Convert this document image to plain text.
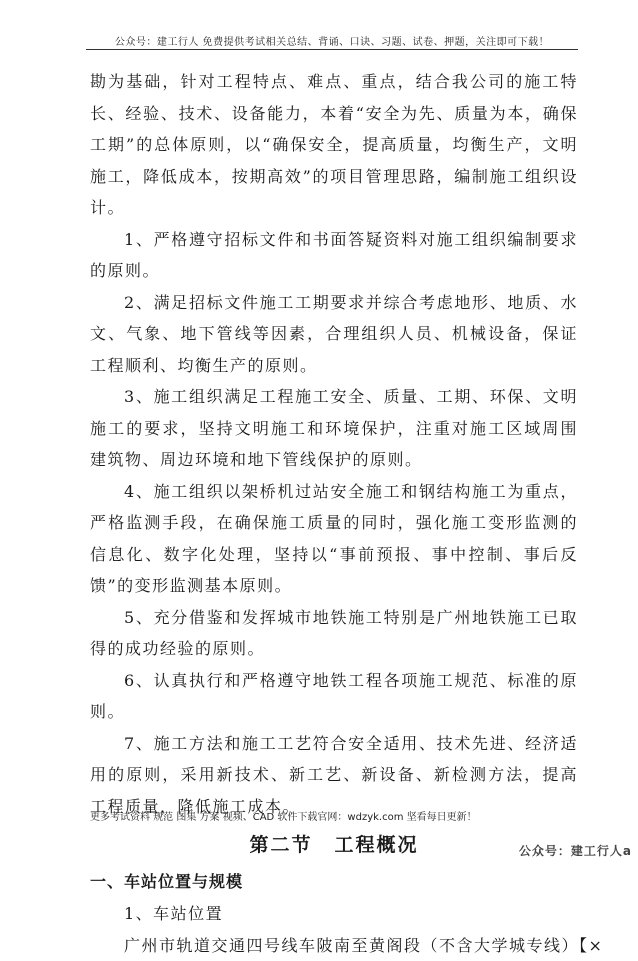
公众号：建工行人 免费提供考试相关总结、背诵、口诀、习题、试卷、押题，关注即可下载！

勘为基础，针对工程特点、难点、重点，结合我公司的施工特长、经验、技术、设备能力，本着“安全为先、质量为本，确保工期”的总体原则，以“确保安全，提高质量，均衡生产，文明施工，降低成本，按期高效”的项目管理思路，编制施工组织设计。

1、严格遵守招标文件和书面答疑资料对施工组织编制要求的原则。

2、满足招标文件施工工期要求并综合考虑地形、地质、水文、气象、地下管线等因素，合理组织人员、机械设备，保证工程顺利、均衡生产的原则。

3、施工组织满足工程施工安全、质量、工期、环保、文明施工的要求，坚持文明施工和环境保护，注重对施工区域周围建筑物、周边环境和地下管线保护的原则。

4、施工组织以架桥机过站安全施工和钢结构施工为重点，严格监测手段，在确保施工质量的同时，强化施工变形监测的信息化、数字化处理，坚持以“事前预报、事中控制、事后反馈”的变形监测基本原则。

5、充分借鉴和发挥城市地铁施工特别是广州地铁施工已取得的成功经验的原则。

6、认真执行和严格遵守地铁工程各项施工规范、标准的原则。

7、施工方法和施工工艺符合安全适用、技术先进、经济适用的原则，采用新技术、新工艺、新设备、新检测方法，提高工程质量，降低施工成本。

第二节 工程概况

一、车站位置与规模

1、车站位置

广州市轨道交通四号线车陂南至黄阁段（不含大学城专线）【×

更多考试资料 规范 图集 方案 视频、CAD 软件下载官网：wdzyk.com 坚看每日更新！
公众号：建工行人a
